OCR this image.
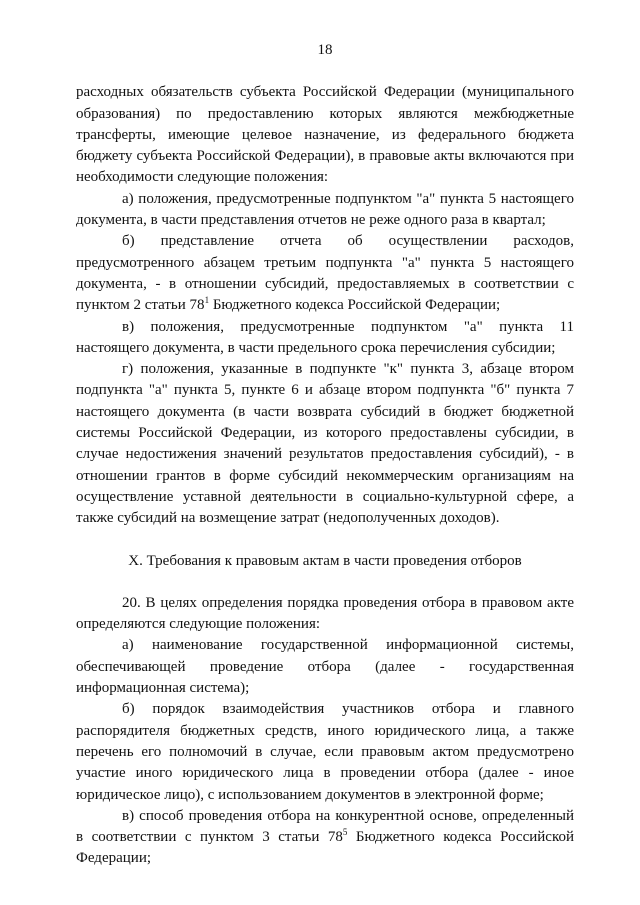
18

расходных обязательств субъекта Российской Федерации (муниципального образования) по предоставлению которых являются межбюджетные трансферты, имеющие целевое назначение, из федерального бюджета бюджету субъекта Российской Федерации), в правовые акты включаются при необходимости следующие положения:

а) положения, предусмотренные подпунктом "а" пункта 5 настоящего документа, в части представления отчетов не реже одного раза в квартал;

б) представление отчета об осуществлении расходов, предусмотренного абзацем третьим подпункта "а" пункта 5 настоящего документа, - в отношении субсидий, предоставляемых в соответствии с пунктом 2 статьи $78^1$ Бюджетного кодекса Российской Федерации;

в) положения, предусмотренные подпунктом "а" пункта 11 настоящего документа, в части предельного срока перечисления субсидии;

г) положения, указанные в подпункте "к" пункта 3, абзаце втором подпункта "а" пункта 5, пункте 6 и абзаце втором подпункта "б" пункта 7 настоящего документа (в части возврата субсидий в бюджет бюджетной системы Российской Федерации, из которого предоставлены субсидии, в случае недостижения значений результатов предоставления субсидий), - в отношении грантов в форме субсидий некоммерческим организациям на осуществление уставной деятельности в социально-культурной сфере, а также субсидий на возмещение затрат (недополученных доходов).

X. Требования к правовым актам в части проведения отборов

20. В целях определения порядка проведения отбора в правовом акте определяются следующие положения:

а) наименование государственной информационной системы, обеспечивающей проведение отбора (далее - государственная информационная система);

б) порядок взаимодействия участников отбора и главного распорядителя бюджетных средств, иного юридического лица, а также перечень его полномочий в случае, если правовым актом предусмотрено участие иного юридического лица в проведении отбора (далее - иное юридическое лицо), с использованием документов в электронной форме;

в) способ проведения отбора на конкурентной основе, определенный в соответствии с пунктом 3 статьи $78^5$ Бюджетного кодекса Российской Федерации;
